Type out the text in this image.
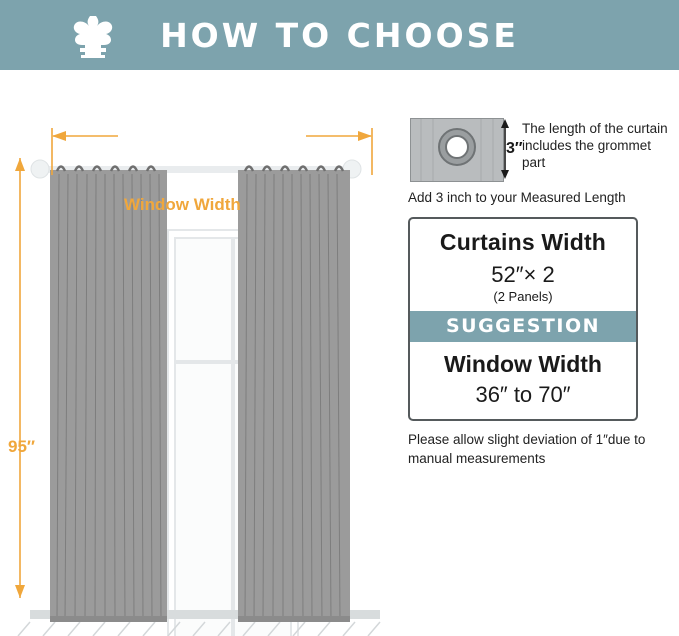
HOW TO CHOOSE
Window Width
95″
3″
The length of the curtain includes the grommet part
Add 3 inch to your Measured Length
Curtains Width
52″× 2
(2 Panels)
SUGGESTION
Window Width
36″ to 70″
Please allow slight deviation of 1″due to manual measurements
